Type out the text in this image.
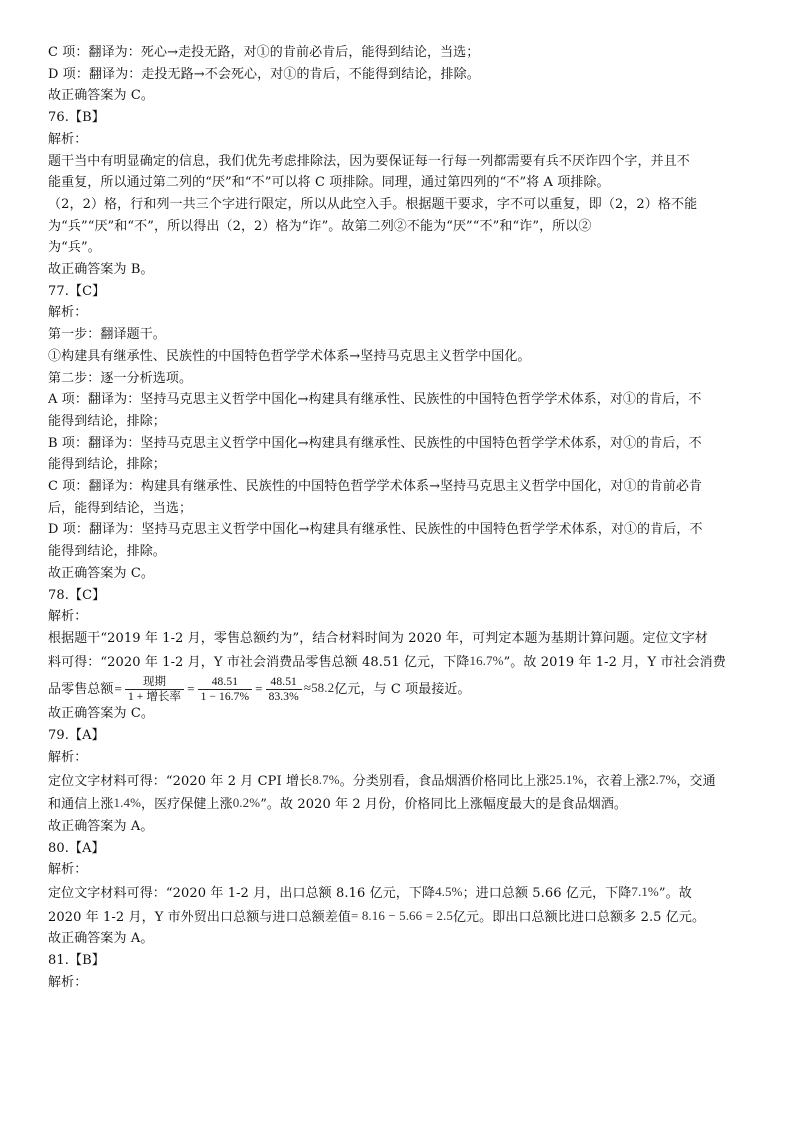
C 项：翻译为：死心→走投无路，对①的肯前必肯后，能得到结论，当选；
D 项：翻译为：走投无路→不会死心，对①的肯后，不能得到结论，排除。
故正确答案为 C。
76.【B】
解析：
题干当中有明显确定的信息，我们优先考虑排除法，因为要保证每一行每一列都需要有兵不厌诈四个字，并且不
能重复，所以通过第二列的“厌”和“不”可以将 C 项排除。同理，通过第四列的“不”将 A 项排除。
（2，2）格，行和列一共三个字进行限定，所以从此空入手。根据题干要求，字不可以重复，即（2，2）格不能
为“兵”“厌”和“不”，所以得出（2，2）格为“诈”。故第二列②不能为“厌”“不”和“诈”，所以②
为“兵”。
故正确答案为 B。
77.【C】
解析：
第一步：翻译题干。
①构建具有继承性、民族性的中国特色哲学学术体系→坚持马克思主义哲学中国化。
第二步：逐一分析选项。
A 项：翻译为：坚持马克思主义哲学中国化→构建具有继承性、民族性的中国特色哲学学术体系，对①的肯后，不
能得到结论，排除；
B 项：翻译为：坚持马克思主义哲学中国化→构建具有继承性、民族性的中国特色哲学学术体系，对①的肯后，不
能得到结论，排除；
C 项：翻译为：构建具有继承性、民族性的中国特色哲学学术体系→坚持马克思主义哲学中国化，对①的肯前必肯
后，能得到结论，当选；
D 项：翻译为：坚持马克思主义哲学中国化→构建具有继承性、民族性的中国特色哲学学术体系，对①的肯后，不
能得到结论，排除。
故正确答案为 C。
78.【C】
解析：
根据题干“2019 年 1-2 月，零售总额约为”，结合材料时间为 2020 年，可判定本题为基期计算问题。定位文字材
料可得：“2020 年 1-2 月，Y 市社会消费品零售总额 48.51 亿元，下降16.7%”。故 2019 年 1-2 月，Y 市社会消费
品零售总额= $\frac{\text{现期}}{\text{1 + 增长率}} = \frac{48.51}{1 - 16.7\%} = \frac{48.51}{83.3\%} \approx 58.2$亿元，与 C 项最接近。
故正确答案为 C。
79.【A】
解析：
定位文字材料可得：“2020 年 2 月 CPI 增长8.7%。分类别看，食品烟酒价格同比上涨25.1%，衣着上涨2.7%，交通
和通信上涨1.4%，医疗保健上涨0.2%”。故 2020 年 2 月份，价格同比上涨幅度最大的是食品烟酒。
故正确答案为 A。
80.【A】
解析：
定位文字材料可得：“2020 年 1-2 月，出口总额 8.16 亿元，下降4.5%；进口总额 5.66 亿元，下降7.1%”。故
2020 年 1-2 月，Y 市外贸出口总额与进口总额差值= 8.16 − 5.66 = 2.5亿元。即出口总额比进口总额多 2.5 亿元。
故正确答案为 A。
81.【B】
解析：
